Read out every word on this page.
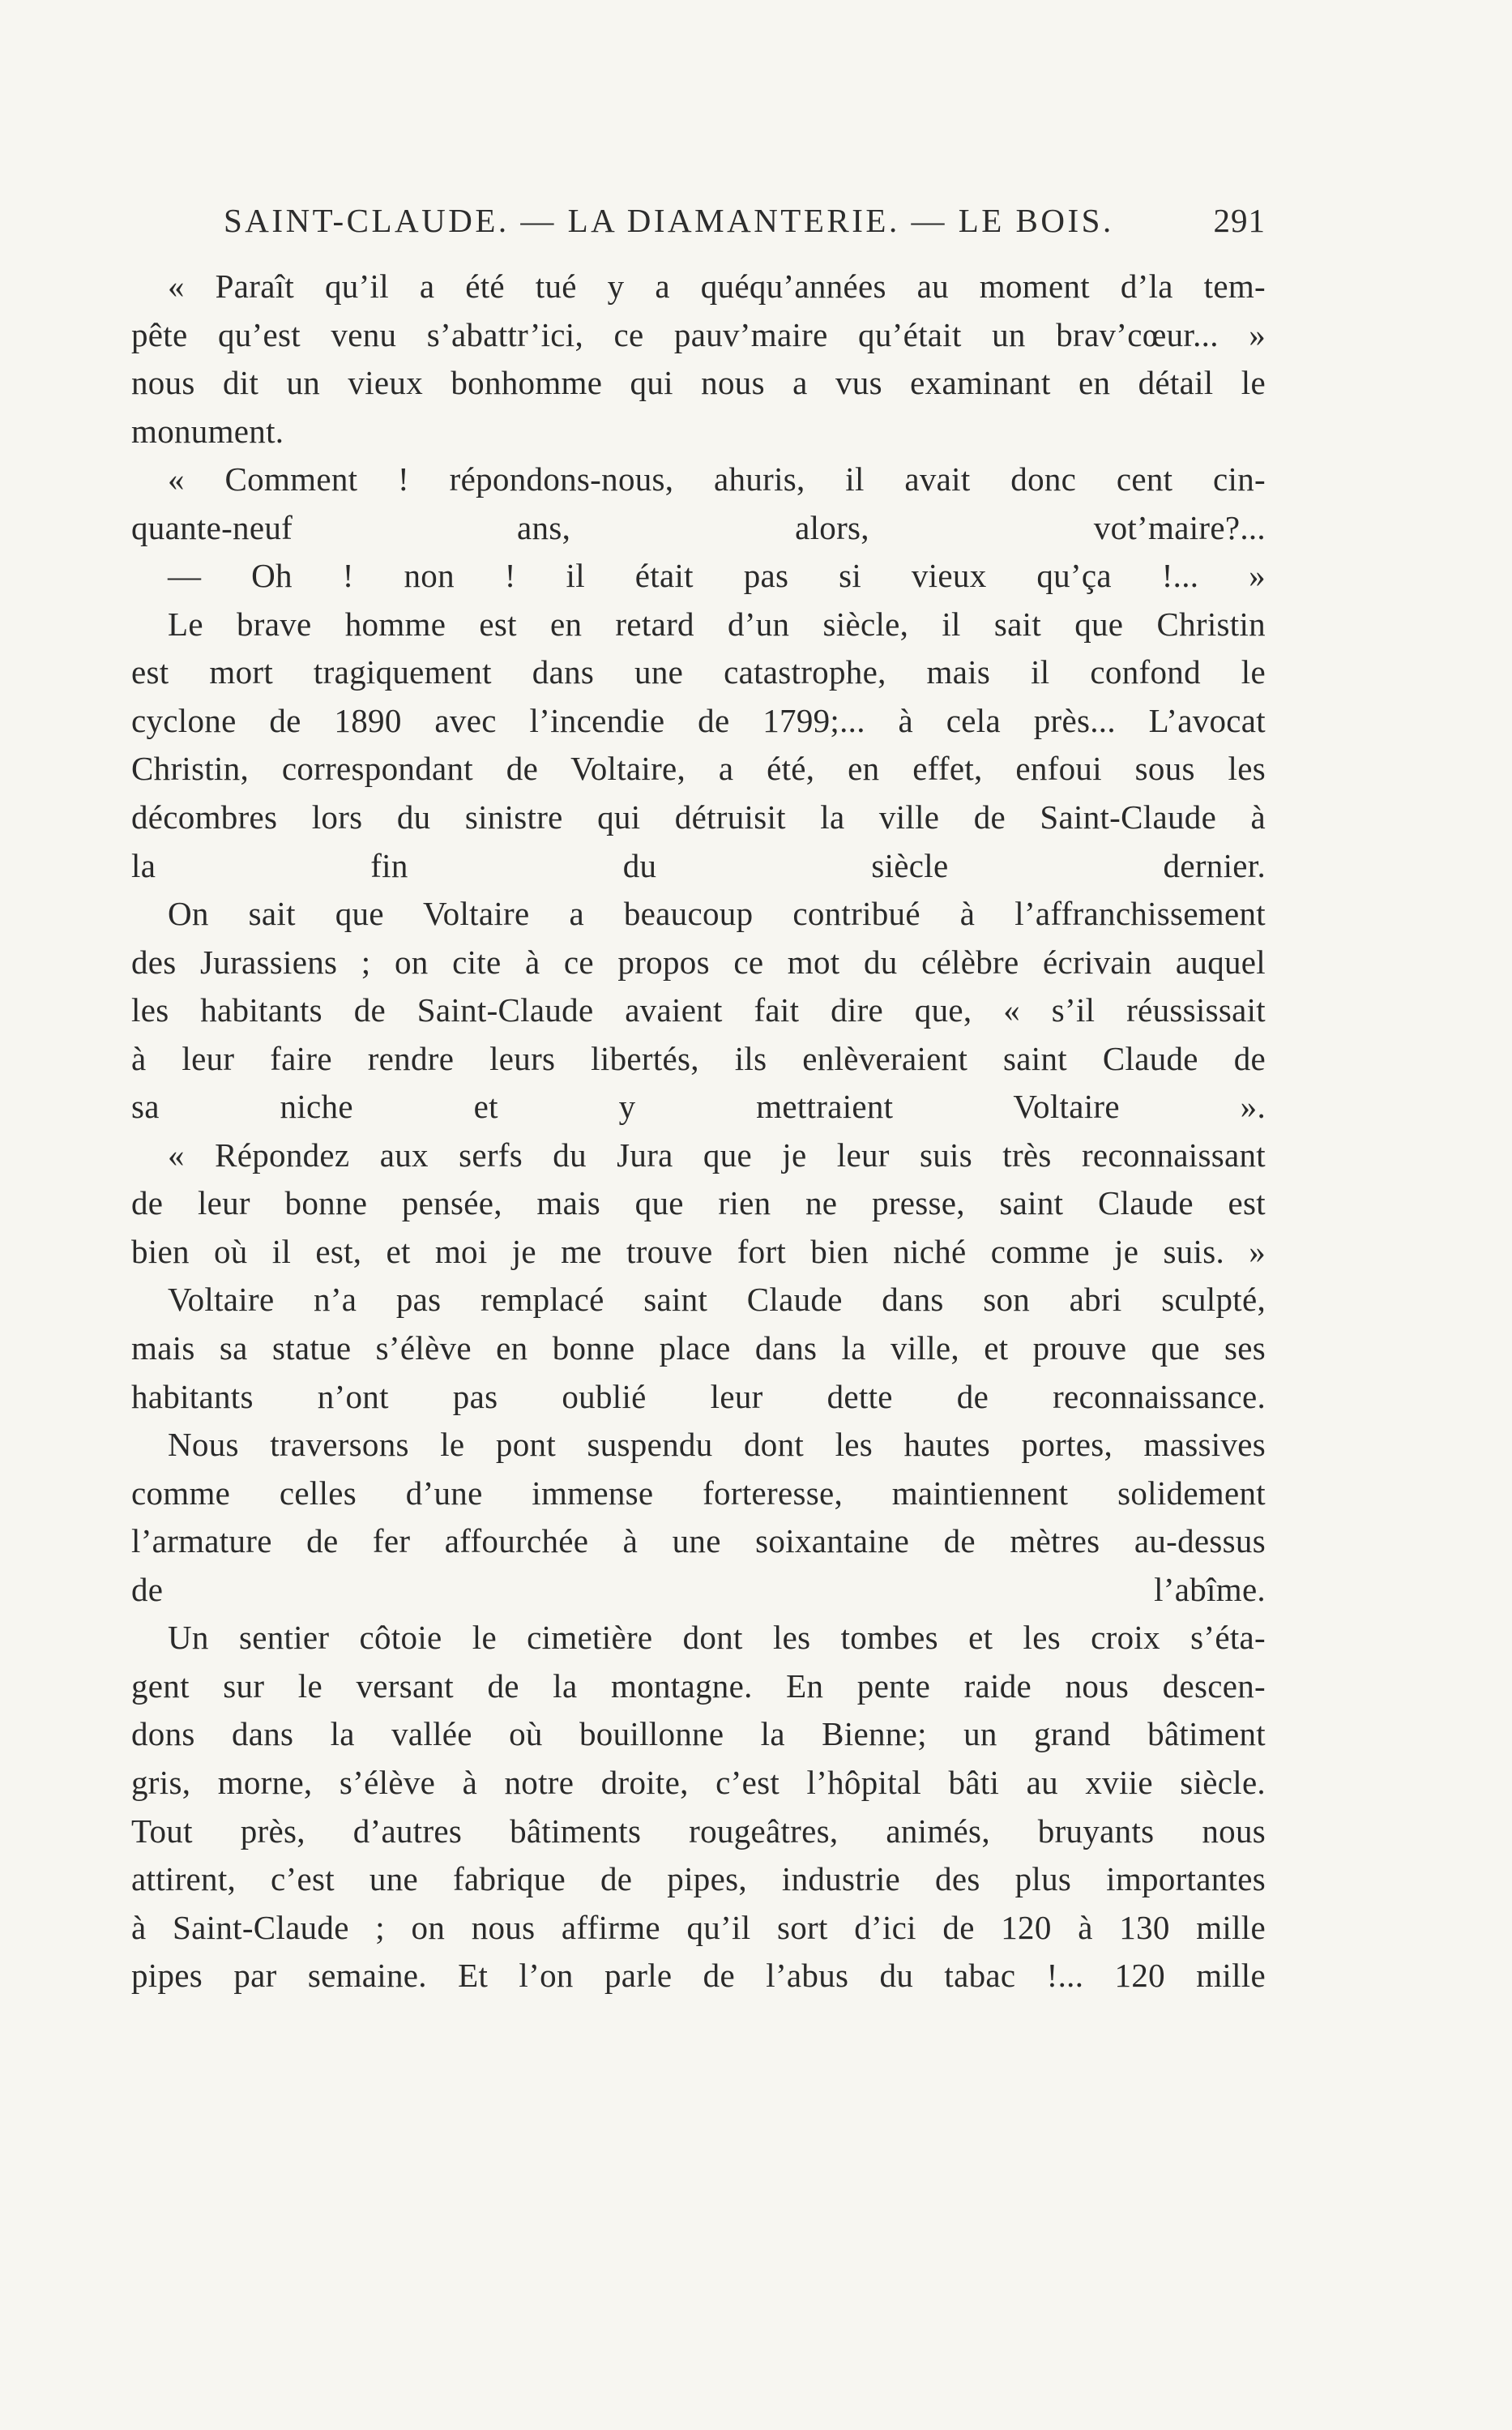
SAINT-CLAUDE. — LA DIAMANTERIE. — LE BOIS.	291
« Paraît qu’il a été tué y a quéqu’années au moment d’la tem-
pête qu’est venu s’abattr’ici, ce pauv’maire qu’était un brav’cœur... »
nous dit un vieux bonhomme qui nous a vus examinant en détail le
monument.
« Comment ! répondons-nous, ahuris, il avait donc cent cin-
quante-neuf ans, alors, vot’maire?...
— Oh ! non ! il était pas si vieux qu’ça !... »
Le brave homme est en retard d’un siècle, il sait que Christin
est mort tragiquement dans une catastrophe, mais il confond le
cyclone de 1890 avec l’incendie de 1799;... à cela près... L’avocat
Christin, correspondant de Voltaire, a été, en effet, enfoui sous les
décombres lors du sinistre qui détruisit la ville de Saint-Claude à
la fin du siècle dernier.
On sait que Voltaire a beaucoup contribué à l’affranchissement
des Jurassiens ; on cite à ce propos ce mot du célèbre écrivain auquel
les habitants de Saint-Claude avaient fait dire que, « s’il réussissait
à leur faire rendre leurs libertés, ils enlèveraient saint Claude de
sa niche et y mettraient Voltaire ».
« Répondez aux serfs du Jura que je leur suis très reconnaissant
de leur bonne pensée, mais que rien ne presse, saint Claude est
bien où il est, et moi je me trouve fort bien niché comme je suis. »
Voltaire n’a pas remplacé saint Claude dans son abri sculpté,
mais sa statue s’élève en bonne place dans la ville, et prouve que ses
habitants n’ont pas oublié leur dette de reconnaissance.
Nous traversons le pont suspendu dont les hautes portes, massives
comme celles d’une immense forteresse, maintiennent solidement
l’armature de fer affourchée à une soixantaine de mètres au-dessus
de l’abîme.
Un sentier côtoie le cimetière dont les tombes et les croix s’éta-
gent sur le versant de la montagne. En pente raide nous descen-
dons dans la vallée où bouillonne la Bienne; un grand bâtiment
gris, morne, s’élève à notre droite, c’est l’hôpital bâti au xviie siècle.
Tout près, d’autres bâtiments rougeâtres, animés, bruyants nous
attirent, c’est une fabrique de pipes, industrie des plus importantes
à Saint-Claude ; on nous affirme qu’il sort d’ici de 120 à 130 mille
pipes par semaine. Et l’on parle de l’abus du tabac !... 120 mille
